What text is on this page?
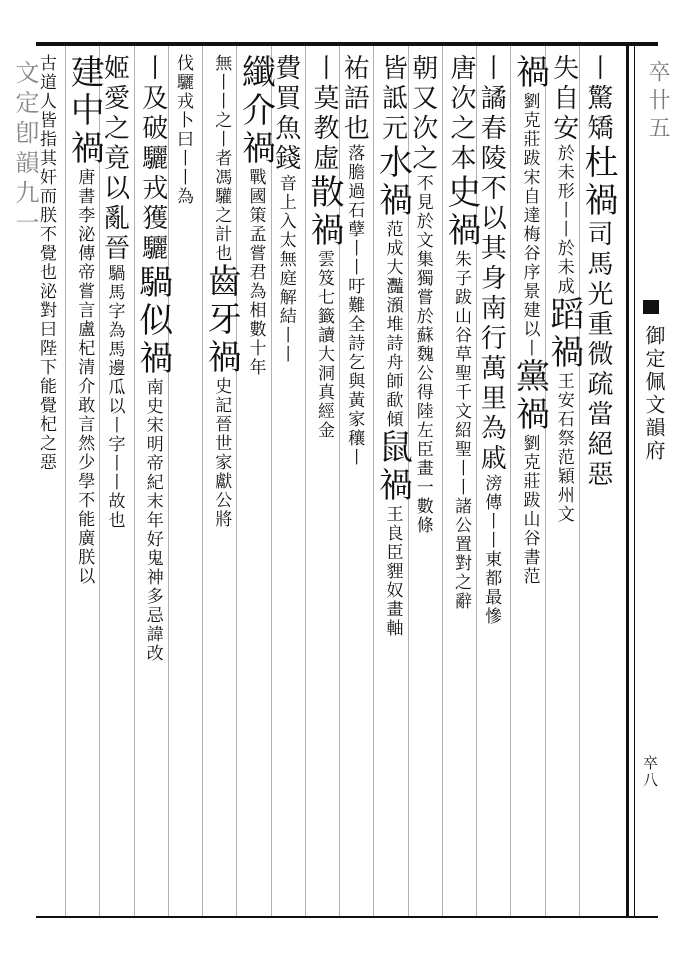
文定卽韻九一	卒卄五
御定佩文韻府
卒八
丨驚矯杜禍司馬光重微疏當絕惡
失自安於未形丨丨於未成蹈禍王安石祭范穎州文
禍劉克莊跋宋自達梅谷序景建以丨黨禍劉克莊跋山谷書范
丨譎春陵不以其身南行萬里為戚滂傳丨丨東都最慘
唐次之本史禍朱子跋山谷草聖千文紹聖丨丨諸公置對之辭
朝又次之不見於文集獨嘗於蘇魏公得陸左臣畫一數條
皆詆元水禍范成大灩澦堆詩舟師歃傾鼠禍王良臣貍奴畫軸
祐語也落膽過石孽丨丨吁難全詩乞與黃家穰丨
丨莫教虛散禍雲笈七籤讀大洞真經金
費買魚錢音上入太無庭解結丨丨
纖介禍戰國策孟嘗君為相數十年
無丨丨之丨者馮驩之計也齒牙禍史記晉世家獻公將
伐驪戎卜曰丨丨為
丨及破驪戎獲驪騧似禍南史宋明帝紀末年好鬼神多忌諱改
姬愛之竟以亂晉騧馬字為馬邊瓜以丨字丨丨故也
建中禍唐書李泌傳帝嘗言盧杞清介敢言然少學不能廣朕以
古道人皆指其奸而朕不覺也泌對曰陛下能覺杞之惡
